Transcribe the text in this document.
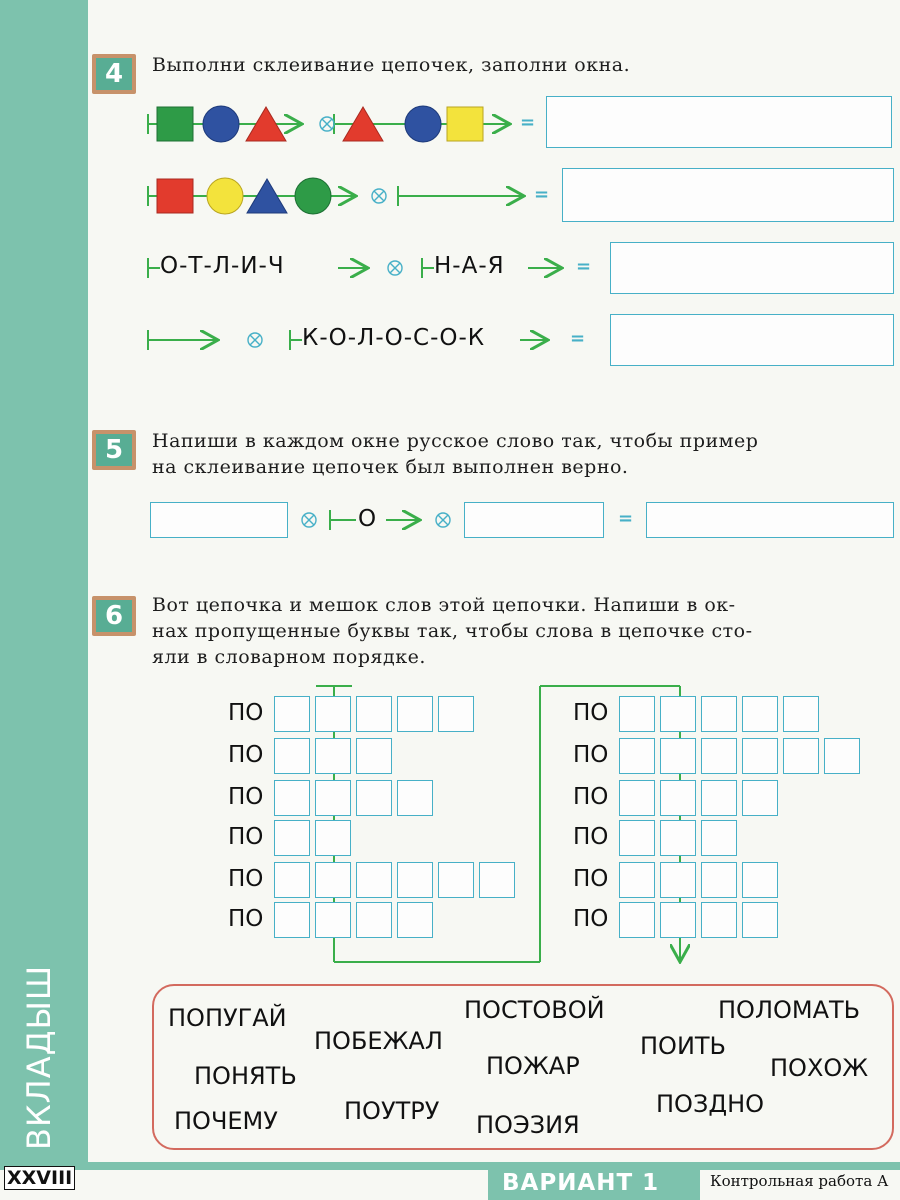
ВКЛАДЫШ
4	Выполни склеивание цепочек, заполни окна.
=
=
О-Т-Л-И-Ч	Н-А-Я	=
К-О-Л-О-С-О-К	=
5	Напиши в каждом окне русское слово так, чтобы пример
на склеивание цепочек был выполнен верно.
О	=
6	Вот цепочка и мешок слов этой цепочки. Напиши в ок-
нах пропущенные буквы так, чтобы слова в цепочке сто-
яли в словарном порядке.
ПО
ПО
ПО
ПО
ПО
ПО
ПО
ПО
ПО
ПО
ПО
ПО
ПОПУГАЙ
ПОБЕЖАЛ
ПОСТОВОЙ	ПОЛОМАТЬ
ПОНЯТЬ	ПОЖАР
ПОИТЬ
ПОХОЖ
ПОЧЕМУ	ПОУТРУ ПОЭЗИЯ
ПОЗДНО
XXVIII	ВАРИАНТ 1	Контрольная работа А
